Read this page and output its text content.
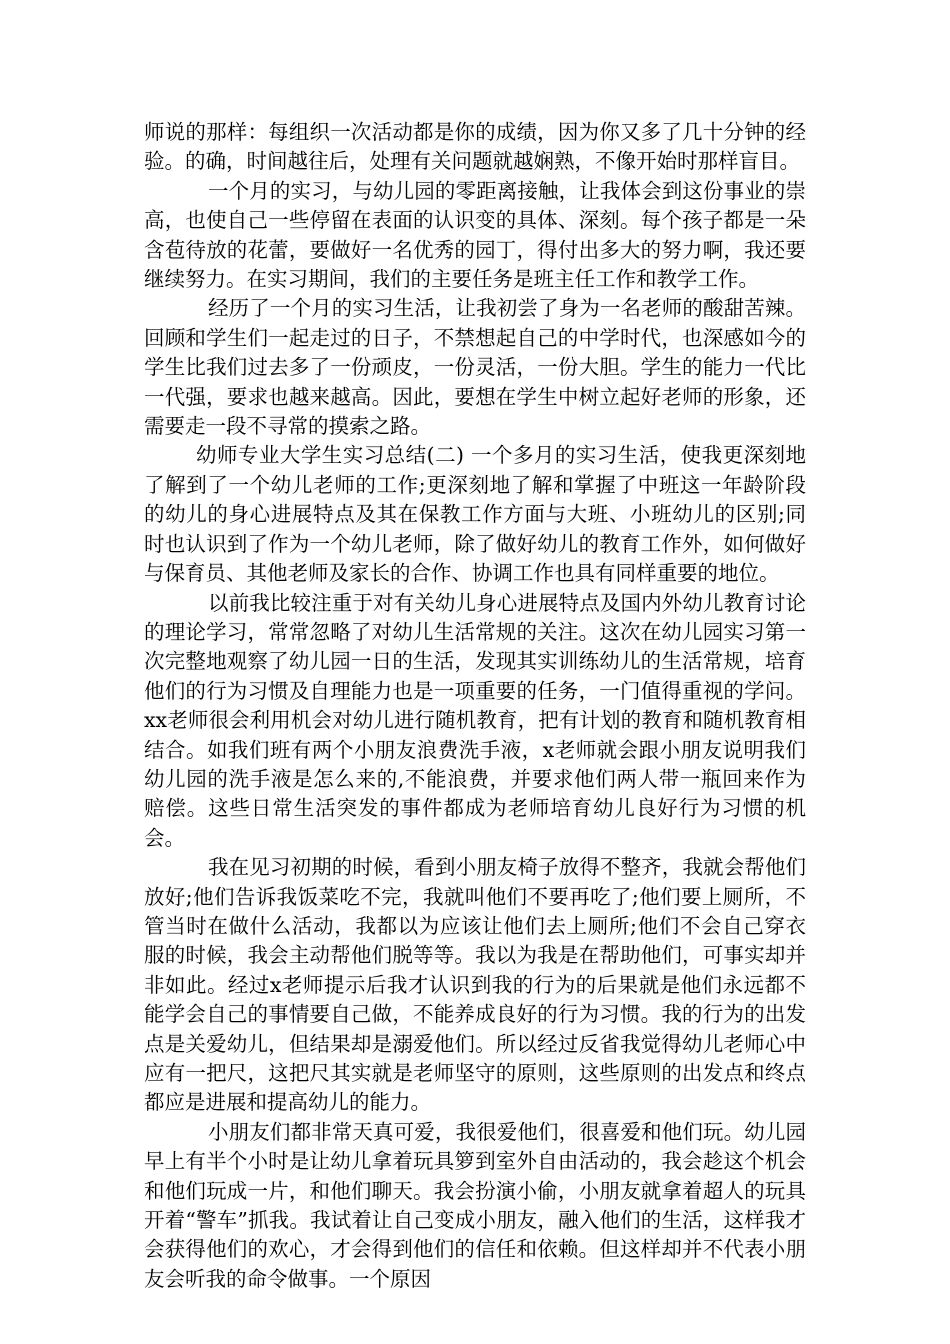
师说的那样：每组织一次活动都是你的成绩，因为你又多了几十分钟的经验。的确，时间越往后，处理有关问题就越娴熟，不像开始时那样盲目。

一个月的实习，与幼儿园的零距离接触，让我体会到这份事业的崇高，也使自己一些停留在表面的认识变的具体、深刻。每个孩子都是一朵含苞待放的花蕾，要做好一名优秀的园丁，得付出多大的努力啊，我还要继续努力。在实习期间，我们的主要任务是班主任工作和教学工作。

经历了一个月的实习生活，让我初尝了身为一名老师的酸甜苦辣。回顾和学生们一起走过的日子，不禁想起自己的中学时代，也深感如今的学生比我们过去多了一份顽皮，一份灵活，一份大胆。学生的能力一代比一代强，要求也越来越高。因此，要想在学生中树立起好老师的形象，还需要走一段不寻常的摸索之路。

幼师专业大学生实习总结(二) 一个多月的实习生活，使我更深刻地了解到了一个幼儿老师的工作;更深刻地了解和掌握了中班这一年龄阶段的幼儿的身心进展特点及其在保教工作方面与大班、小班幼儿的区别;同时也认识到了作为一个幼儿老师，除了做好幼儿的教育工作外，如何做好与保育员、其他老师及家长的合作、协调工作也具有同样重要的地位。

以前我比较注重于对有关幼儿身心进展特点及国内外幼儿教育讨论的理论学习，常常忽略了对幼儿生活常规的关注。这次在幼儿园实习第一次完整地观察了幼儿园一日的生活，发现其实训练幼儿的生活常规，培育他们的行为习惯及自理能力也是一项重要的任务，一门值得重视的学问。xx老师很会利用机会对幼儿进行随机教育，把有计划的教育和随机教育相结合。如我们班有两个小朋友浪费洗手液，x老师就会跟小朋友说明我们幼儿园的洗手液是怎么来的,不能浪费，并要求他们两人带一瓶回来作为赔偿。这些日常生活突发的事件都成为老师培育幼儿良好行为习惯的机会。

我在见习初期的时候，看到小朋友椅子放得不整齐，我就会帮他们放好;他们告诉我饭菜吃不完，我就叫他们不要再吃了;他们要上厕所，不管当时在做什么活动，我都以为应该让他们去上厕所;他们不会自己穿衣服的时候，我会主动帮他们脱等等。我以为我是在帮助他们，可事实却并非如此。经过x老师提示后我才认识到我的行为的后果就是他们永远都不能学会自己的事情要自己做，不能养成良好的行为习惯。我的行为的出发点是关爱幼儿，但结果却是溺爱他们。所以经过反省我觉得幼儿老师心中应有一把尺，这把尺其实就是老师坚守的原则，这些原则的出发点和终点都应是进展和提高幼儿的能力。

小朋友们都非常天真可爱，我很爱他们，很喜爱和他们玩。幼儿园早上有半个小时是让幼儿拿着玩具箩到室外自由活动的，我会趁这个机会和他们玩成一片，和他们聊天。我会扮演小偷，小朋友就拿着超人的玩具开着“警车”抓我。我试着让自己变成小朋友，融入他们的生活，这样我才会获得他们的欢心，才会得到他们的信任和依赖。但这样却并不代表小朋友会听我的命令做事。一个原因
